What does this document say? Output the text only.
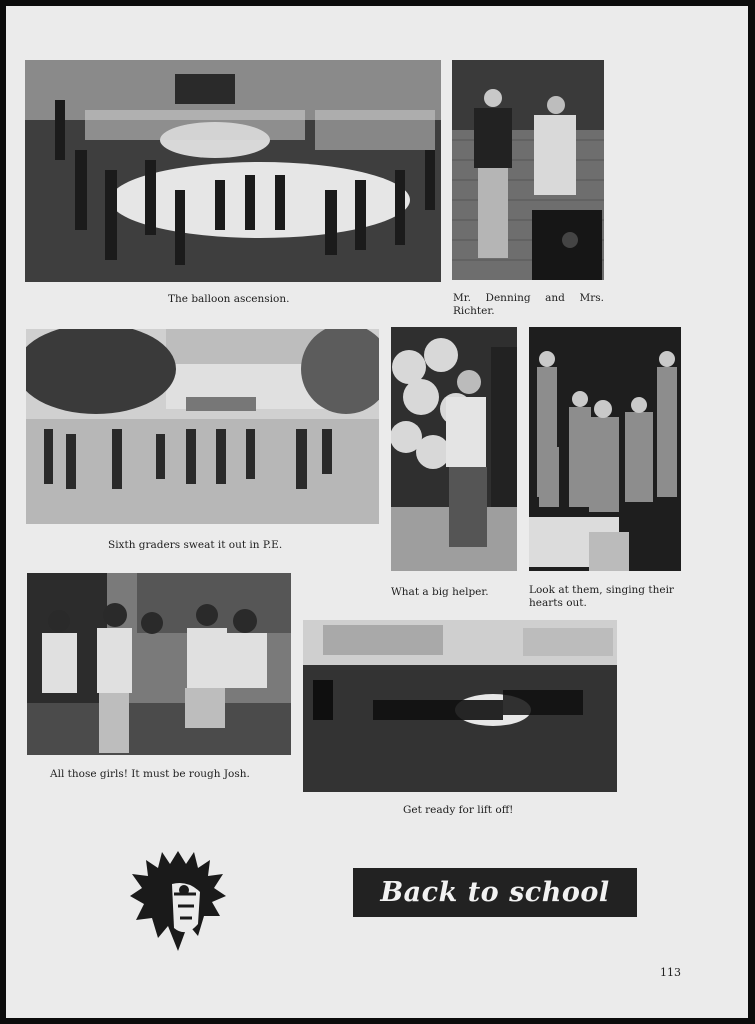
The balloon ascension.	Mr. Denning and Mrs. Richter.
Sixth graders sweat it out in P.E.
What a big helper.	Look at them, singing their hearts out.
All those girls! It must be rough Josh.
Get ready for lift off!
Back to school
113
